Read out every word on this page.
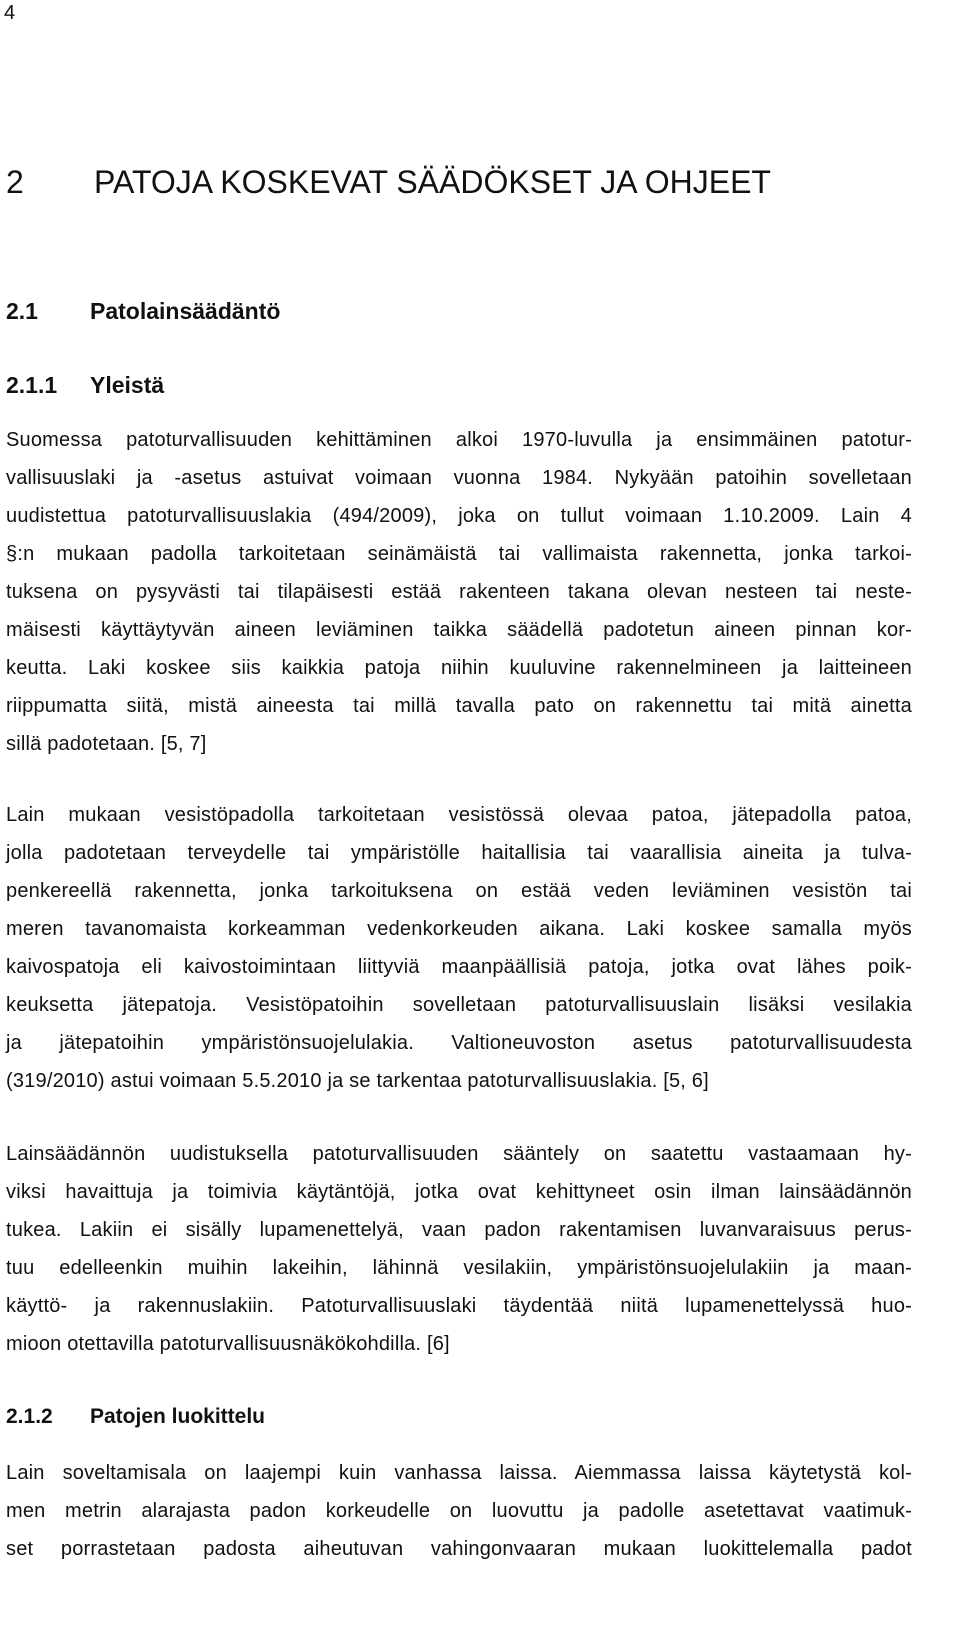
4
2 PATOJA KOSKEVAT SÄÄDÖKSET JA OHJEET
2.1 Patolainsäädäntö
2.1.1 Yleistä
Suomessa patoturvallisuuden kehittäminen alkoi 1970-luvulla ja ensimmäinen patotur-
vallisuuslaki ja -asetus astuivat voimaan vuonna 1984. Nykyään patoihin sovelletaan
uudistettua patoturvallisuuslakia (494/2009), joka on tullut voimaan 1.10.2009. Lain 4
§:n mukaan padolla tarkoitetaan seinämäistä tai vallimaista rakennetta, jonka tarkoi-
tuksena on pysyvästi tai tilapäisesti estää rakenteen takana olevan nesteen tai neste-
mäisesti käyttäytyvän aineen leviäminen taikka säädellä padotetun aineen pinnan kor-
keutta. Laki koskee siis kaikkia patoja niihin kuuluvine rakennelmineen ja laitteineen
riippumatta siitä, mistä aineesta tai millä tavalla pato on rakennettu tai mitä ainetta
sillä padotetaan. [5, 7]
Lain mukaan vesistöpadolla tarkoitetaan vesistössä olevaa patoa, jätepadolla patoa,
jolla padotetaan terveydelle tai ympäristölle haitallisia tai vaarallisia aineita ja tulva-
penkereellä rakennetta, jonka tarkoituksena on estää veden leviäminen vesistön tai
meren tavanomaista korkeamman vedenkorkeuden aikana. Laki koskee samalla myös
kaivospatoja eli kaivostoimintaan liittyviä maanpäällisiä patoja, jotka ovat lähes poik-
keuksetta jätepatoja. Vesistöpatoihin sovelletaan patoturvallisuuslain lisäksi vesilakia
ja jätepatoihin ympäristönsuojelulakia. Valtioneuvoston asetus patoturvallisuudesta
(319/2010) astui voimaan 5.5.2010 ja se tarkentaa patoturvallisuuslakia. [5, 6]
Lainsäädännön uudistuksella patoturvallisuuden sääntely on saatettu vastaamaan hy-
viksi havaittuja ja toimivia käytäntöjä, jotka ovat kehittyneet osin ilman lainsäädännön
tukea. Lakiin ei sisälly lupamenettelyä, vaan padon rakentamisen luvanvaraisuus perus-
tuu edelleenkin muihin lakeihin, lähinnä vesilakiin, ympäristönsuojelulakiin ja maan-
käyttö- ja rakennuslakiin. Patoturvallisuuslaki täydentää niitä lupamenettelyssä huo-
mioon otettavilla patoturvallisuusnäkökohdilla. [6]
2.1.2 Patojen luokittelu
Lain soveltamisala on laajempi kuin vanhassa laissa. Aiemmassa laissa käytetystä kol-
men metrin alarajasta padon korkeudelle on luovuttu ja padolle asetettavat vaatimuk-
set porrastetaan padosta aiheutuvan vahingonvaaran mukaan luokittelemalla padot
